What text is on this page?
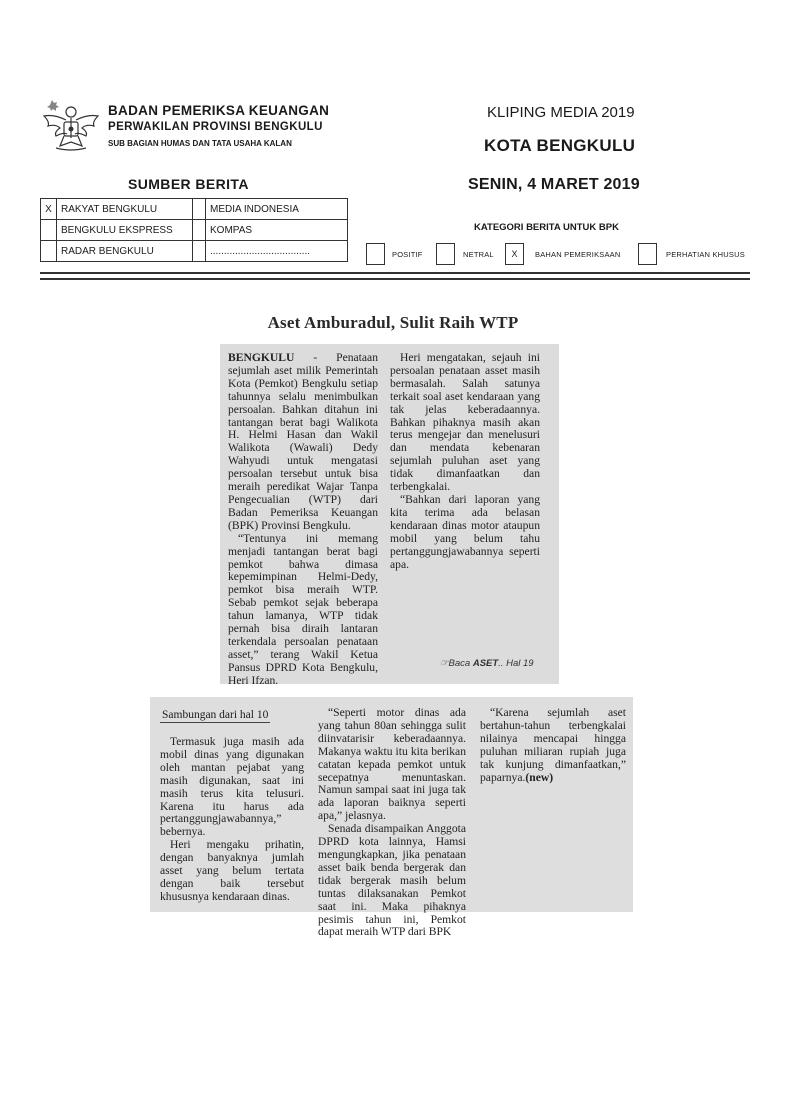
BADAN PEMERIKSA KEUANGAN
PERWAKILAN PROVINSI BENGKULU
SUB BAGIAN HUMAS DAN TATA USAHA KALAN
KLIPING MEDIA 2019
KOTA BENGKULU
SENIN, 4 MARET 2019
SUMBER BERITA
X	RAKYAT BENGKULU		MEDIA INDONESIA
	BENGKULU EKSPRESS		KOMPAS
	RADAR BENGKULU		....................................
KATEGORI BERITA UNTUK BPK
POSITIF	NETRAL	X	BAHAN PEMERIKSAAN	PERHATIAN KHUSUS
Aset Amburadul, Sulit Raih WTP

BENGKULU - Penataan sejumlah aset milik Pemerintah Kota (Pemkot) Bengkulu setiap tahunnya selalu menimbulkan persoalan. Bahkan ditahun ini tantangan berat bagi Walikota H. Helmi Hasan dan Wakil Walikota (Wawali) Dedy Wahyudi untuk mengatasi persoalan tersebut untuk bisa meraih peredikat Wajar Tanpa Pengecualian (WTP) dari Badan Pemeriksa Keuangan (BPK) Provinsi Bengkulu.

“Tentunya ini memang menjadi tantangan berat bagi pemkot bahwa dimasa kepemimpinan Helmi-Dedy, pemkot bisa meraih WTP. Sebab pemkot sejak beberapa tahun lamanya, WTP tidak pernah bisa diraih lantaran terkendala persoalan penataan asset,” terang Wakil Ketua Pansus DPRD Kota Bengkulu, Heri Ifzan.

Heri mengatakan, sejauh ini persoalan penataan asset masih bermasalah. Salah satunya terkait soal aset kendaraan yang tak jelas keberadaannya. Bahkan pihaknya masih akan terus mengejar dan menelusuri dan mendata kebenaran sejumlah puluhan aset yang tidak dimanfaatkan dan terbengkalai.

“Bahkan dari laporan yang kita terima ada belasan kendaraan dinas motor ataupun mobil yang belum tahu pertanggungjawabannya seperti apa.

☞Baca ASET.. Hal 19
Sambungan dari hal 10

Termasuk juga masih ada mobil dinas yang digunakan oleh mantan pejabat yang masih digunakan, saat ini masih terus kita telusuri. Karena itu harus ada pertanggungjawabannya,” bebernya.

Heri mengaku prihatin, dengan banyaknya jumlah asset yang belum tertata dengan baik tersebut khususnya kendaraan dinas.

“Seperti motor dinas ada yang tahun 80an sehingga sulit diinvatarisir keberadaannya. Makanya waktu itu kita berikan catatan kepada pemkot untuk secepatnya menuntaskan. Namun sampai saat ini juga tak ada laporan baiknya seperti apa,” jelasnya.

Senada disampaikan Anggota DPRD kota lainnya, Hamsi mengungkapkan, jika penataan asset baik benda bergerak dan tidak bergerak masih belum tuntas dilaksanakan Pemkot saat ini. Maka pihaknya pesimis tahun ini, Pemkot dapat meraih WTP dari BPK

“Karena sejumlah aset bertahun-tahun terbengkalai nilainya mencapai hingga puluhan miliaran rupiah juga tak kunjung dimanfaatkan,” paparnya.(new)
